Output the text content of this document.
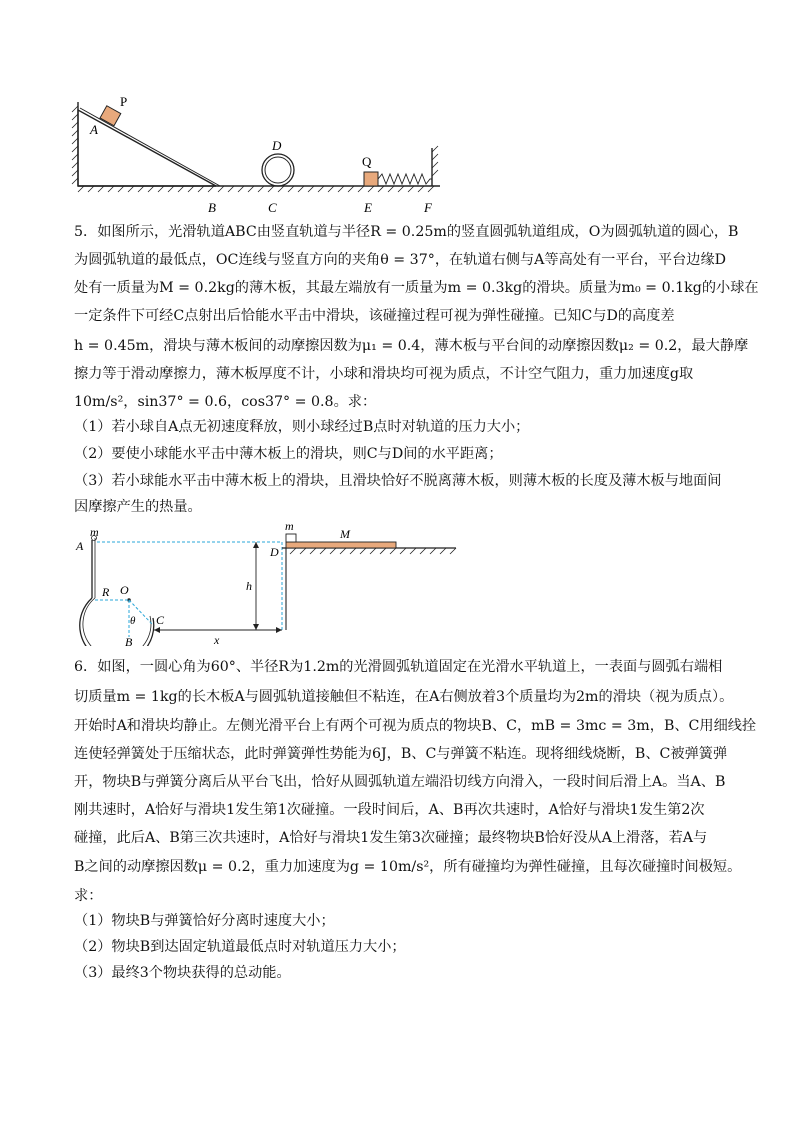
P
A
D
Q
B	C	E	F
5．如图所示，光滑轨道ABC由竖直轨道与半径R = 0.25m的竖直圆弧轨道组成，O为圆弧轨道的圆心，B
为圆弧轨道的最低点，OC连线与竖直方向的夹角θ = 37°，在轨道右侧与A等高处有一平台，平台边缘D
处有一质量为M = 0.2kg的薄木板，其最左端放有一质量为m = 0.3kg的滑块。质量为m₀ = 0.1kg的小球在
一定条件下可经C点射出后恰能水平击中滑块，该碰撞过程可视为弹性碰撞。已知C与D的高度差
h = 0.45m，滑块与薄木板间的动摩擦因数为μ₁ = 0.4，薄木板与平台间的动摩擦因数μ₂ = 0.2，最大静摩
擦力等于滑动摩擦力，薄木板厚度不计，小球和滑块均可视为质点，不计空气阻力，重力加速度g取
10m/s²，sin37° = 0.6，cos37° = 0.8。求：
（1）若小球自A点无初速度释放，则小球经过B点时对轨道的压力大小；
（2）要使小球能水平击中薄木板上的滑块，则C与D间的水平距离；
（3）若小球能水平击中薄木板上的滑块，且滑块恰好不脱离薄木板，则薄木板的长度及薄木板与地面间
因摩擦产生的热量。
m
A
O
R
θ C
B
h
x
m
M
D
6．如图，一圆心角为60°、半径R为1.2m的光滑圆弧轨道固定在光滑水平轨道上，一表面与圆弧右端相
切质量m = 1kg的长木板A与圆弧轨道接触但不粘连，在A右侧放着3个质量均为2m的滑块（视为质点）。
开始时A和滑块均静止。左侧光滑平台上有两个可视为质点的物块B、C，mB = 3mc = 3m，B、C用细线拴
连使轻弹簧处于压缩状态，此时弹簧弹性势能为6J，B、C与弹簧不粘连。现将细线烧断，B、C被弹簧弹
开，物块B与弹簧分离后从平台飞出，恰好从圆弧轨道左端沿切线方向滑入，一段时间后滑上A。当A、B
刚共速时，A恰好与滑块1发生第1次碰撞。一段时间后，A、B再次共速时，A恰好与滑块1发生第2次
碰撞，此后A、B第三次共速时，A恰好与滑块1发生第3次碰撞；最终物块B恰好没从A上滑落，若A与
B之间的动摩擦因数μ = 0.2，重力加速度为g = 10m/s²，所有碰撞均为弹性碰撞，且每次碰撞时间极短。
求：
（1）物块B与弹簧恰好分离时速度大小；
（2）物块B到达固定轨道最低点时对轨道压力大小；
（3）最终3个物块获得的总动能。
